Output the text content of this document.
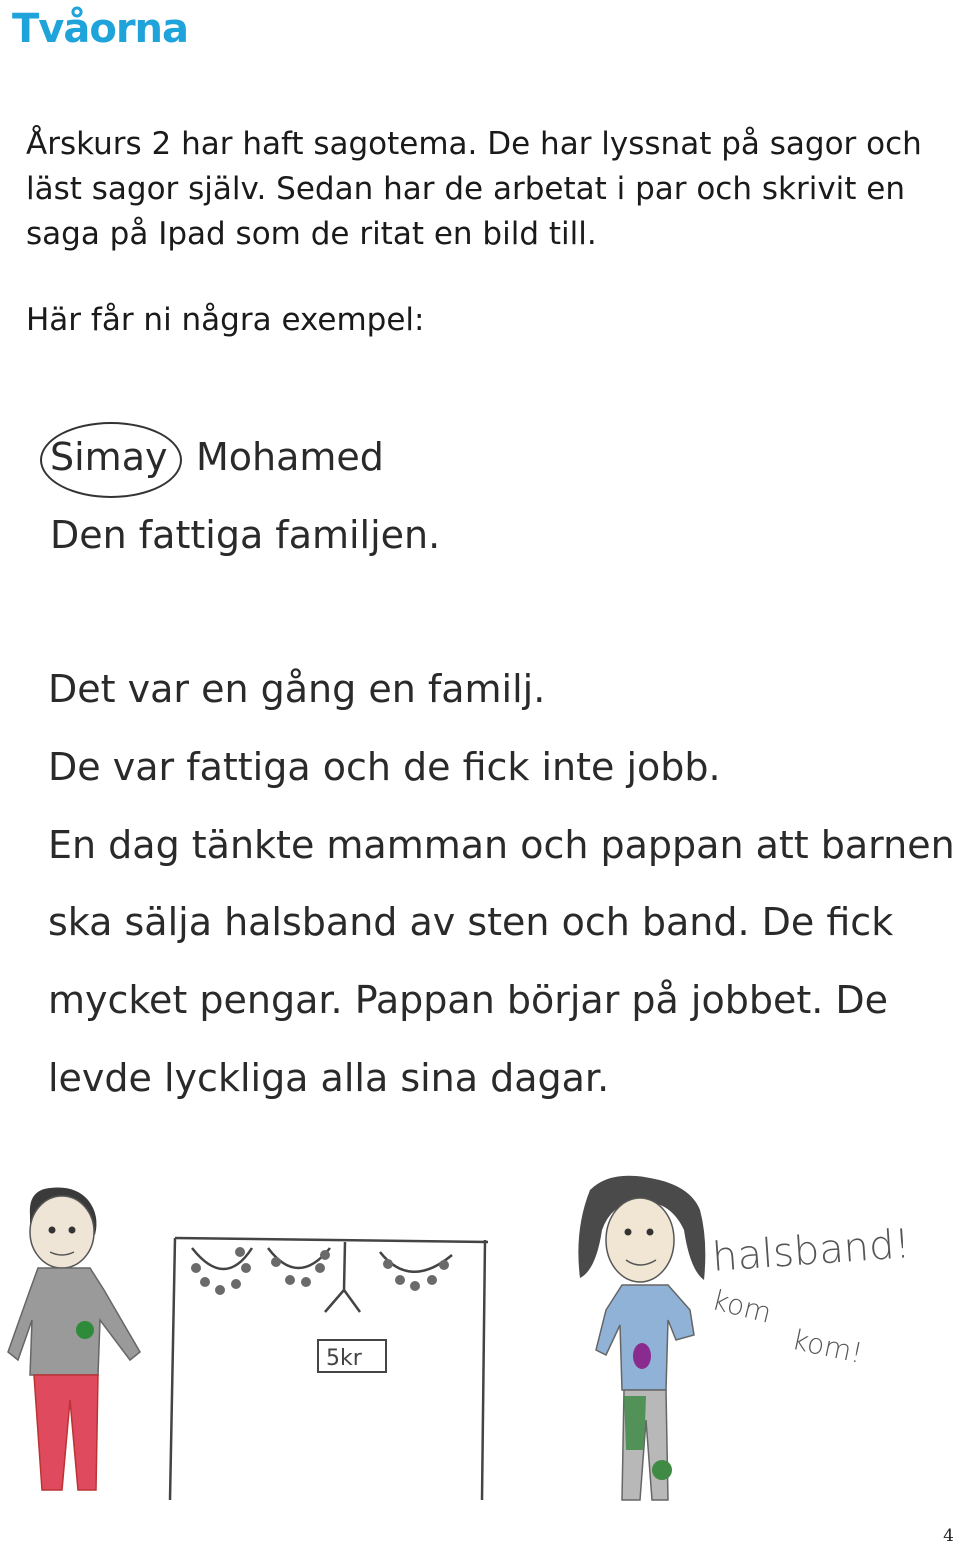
Tvåorna

Årskurs 2 har haft sagotema. De har lyssnat på sagor och läst sagor själv. Sedan har de arbetat i par och skrivit en saga på Ipad som de ritat en bild till.

Här får ni några exempel:

Simay Mohamed
Den fattiga familjen.
Det var en gång en familj.
De var fattiga och de fick inte jobb.
En dag tänkte mamman och pappan att barnen
ska sälja halsband av sten och band. De fick
mycket pengar. Pappan börjar på jobbet. De
levde lyckliga alla sina dagar.
5kr
halsband!
kom
kom!
4
